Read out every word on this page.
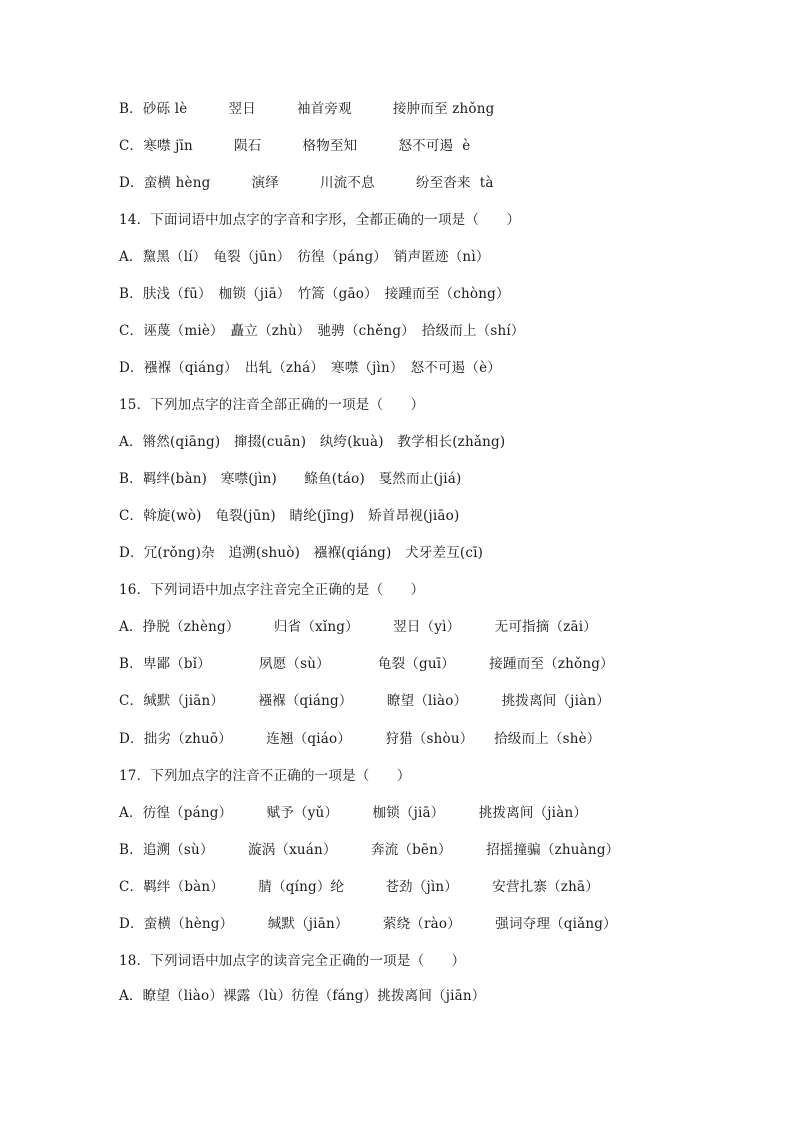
B．砂砾 lè　　　翌日　　　袖首旁观　　　接肿而至 zhǒng
C．寒噤 jīn　　　陨石　　　格物至知　　　怒不可遏  è
D．蛮横 hèng　　　演绎　　　川流不息　　　纷至沓来  tà
14．下面词语中加点字的字音和字形，全都正确的一项是（　　）
A．黧黑（lí）　龟裂（jūn）　彷徨（páng）　销声匿迹（nì）
B．肤浅（fū）　枷锁（jiā）　竹篙（gāo）　接踵而至（chòng）
C．诬蔑（miè）　矗立（zhù）　驰骋（chěng）　拾级而上（shí）
D．襁褓（qiáng）　出轧（zhá）　寒噤（jìn）　怒不可遏（è）
15．下列加点字的注音全部正确的一项是（　　）
A．锵然(qiāng)　撺掇(cuān)　纨绔(kuà)　教学相长(zhǎng)
B．羁绊(bàn)　寒噤(jìn)　　鲦鱼(táo)　戛然而止(jiá)
C．斡旋(wò)　龟裂(jūn)　睛纶(jīng)　矫首昂视(jiāo)
D．冗(rǒng)杂　追溯(shuò)　襁褓(qiáng)　犬牙差互(cī)
16．下列词语中加点字注音完全正确的是（　　）
A．挣脱（zhèng）　　　归省（xǐng）　　　翌日（yì）　　　无可指摘（zāi）
B．卑鄙（bǐ）　　　　夙愿（sù）　　　　龟裂（guī）　　　接踵而至（zhǒng）
C．缄默（jiān）　　　襁褓（qiáng）　　　瞭望（liào）　　　挑拨离间（jiàn）
D．拙劣（zhuō）　　　连翘（qiáo）　　　狩猎（shòu）　　拾级而上（shè）
17．下列加点字的注音不正确的一项是（　　）
A．彷徨（páng）　　　赋予（yǔ）　　　枷锁（jiā）　　　挑拨离间（jiàn）
B．追溯（sù）　　　漩涡（xuán）　　　奔流（bēn）　　　招摇撞骗（zhuàng）
C．羁绊（bàn）　　　腈（qíng）纶　　　苍劲（jìn）　　　安营扎寨（zhā）
D．蛮横（hèng）　　　缄默（jiān）　　　萦绕（rào）　　　强词夺理（qiǎng）
18．下列词语中加点字的读音完全正确的一项是（　　）
A．瞭望（liào）裸露（lù）彷徨（fáng）挑拨离间（jiān）
